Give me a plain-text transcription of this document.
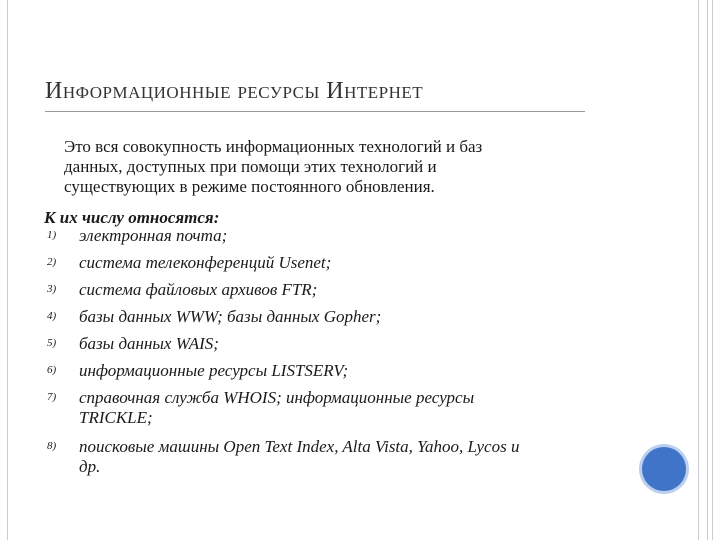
Информационные ресурсы Интернет
Это вся совокупность информационных технологий и баз
данных, доступных при помощи этих технологий и
существующих в режиме постоянного обновления.
К их числу относятся:
1) электронная почта;
2) система телеконференций Usenet;
3) система файловых архивов FTR;
4) базы данных WWW; базы данных Gopher;
5) базы данных WAIS;
6) информационные ресурсы LISTSERV;
7) справочная служба WHOIS; информационные ресурсы
TRICKLE;
8) поисковые машины Open Text Index, Alta Vista, Yahoo, Lycos и
др.
